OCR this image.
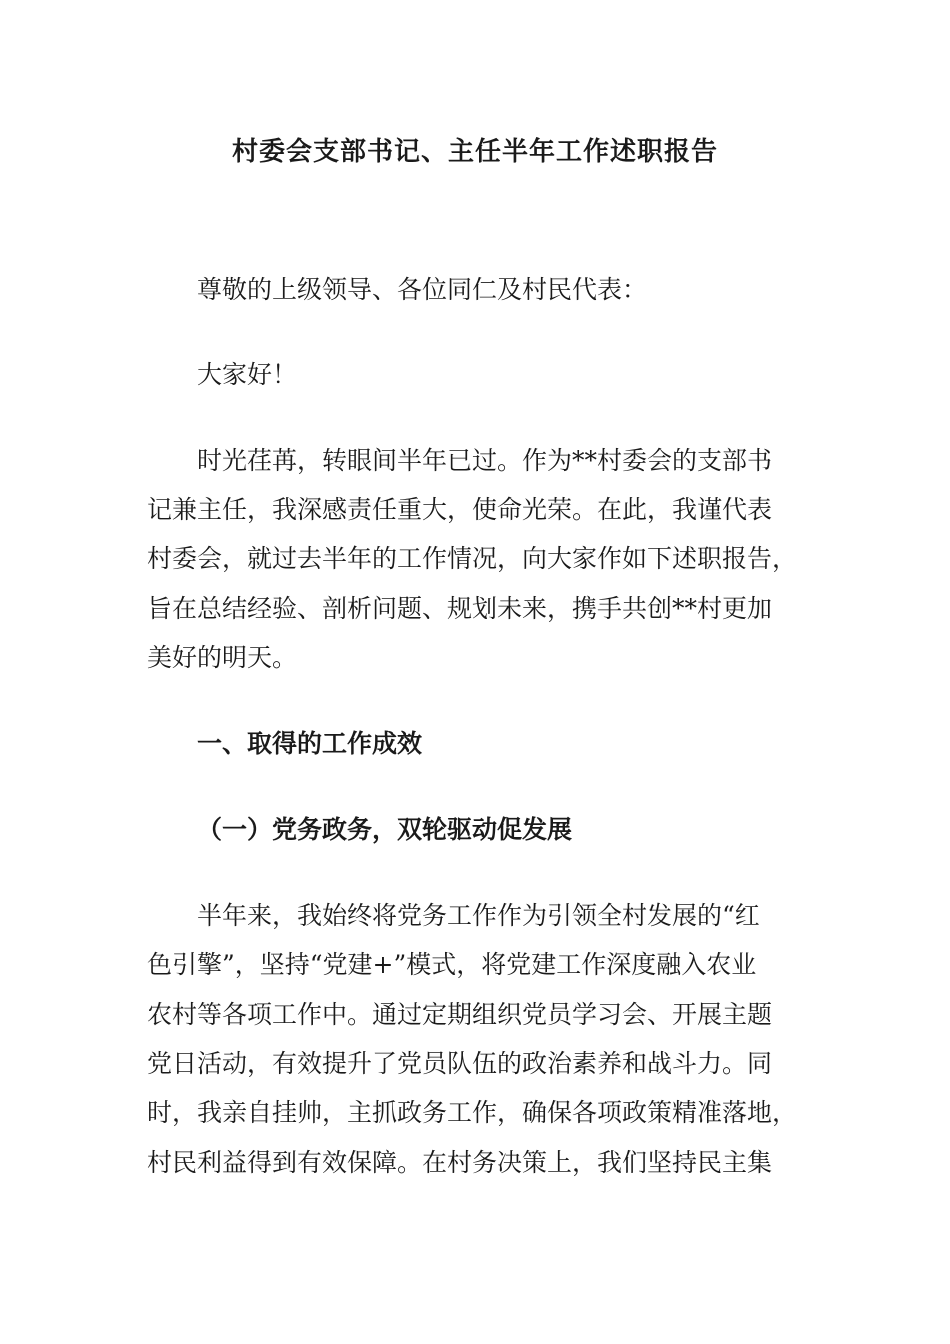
村委会支部书记、主任半年工作述职报告
尊敬的上级领导、各位同仁及村民代表：
大家好！
时光荏苒，转眼间半年已过。作为**村委会的支部书
记兼主任，我深感责任重大，使命光荣。在此，我谨代表
村委会，就过去半年的工作情况，向大家作如下述职报告，
旨在总结经验、剖析问题、规划未来，携手共创**村更加
美好的明天。
一、取得的工作成效
（一）党务政务，双轮驱动促发展
半年来，我始终将党务工作作为引领全村发展的“红
色引擎”，坚持“党建+”模式，将党建工作深度融入农业
农村等各项工作中。通过定期组织党员学习会、开展主题
党日活动，有效提升了党员队伍的政治素养和战斗力。同
时，我亲自挂帅，主抓政务工作，确保各项政策精准落地，
村民利益得到有效保障。在村务决策上，我们坚持民主集
